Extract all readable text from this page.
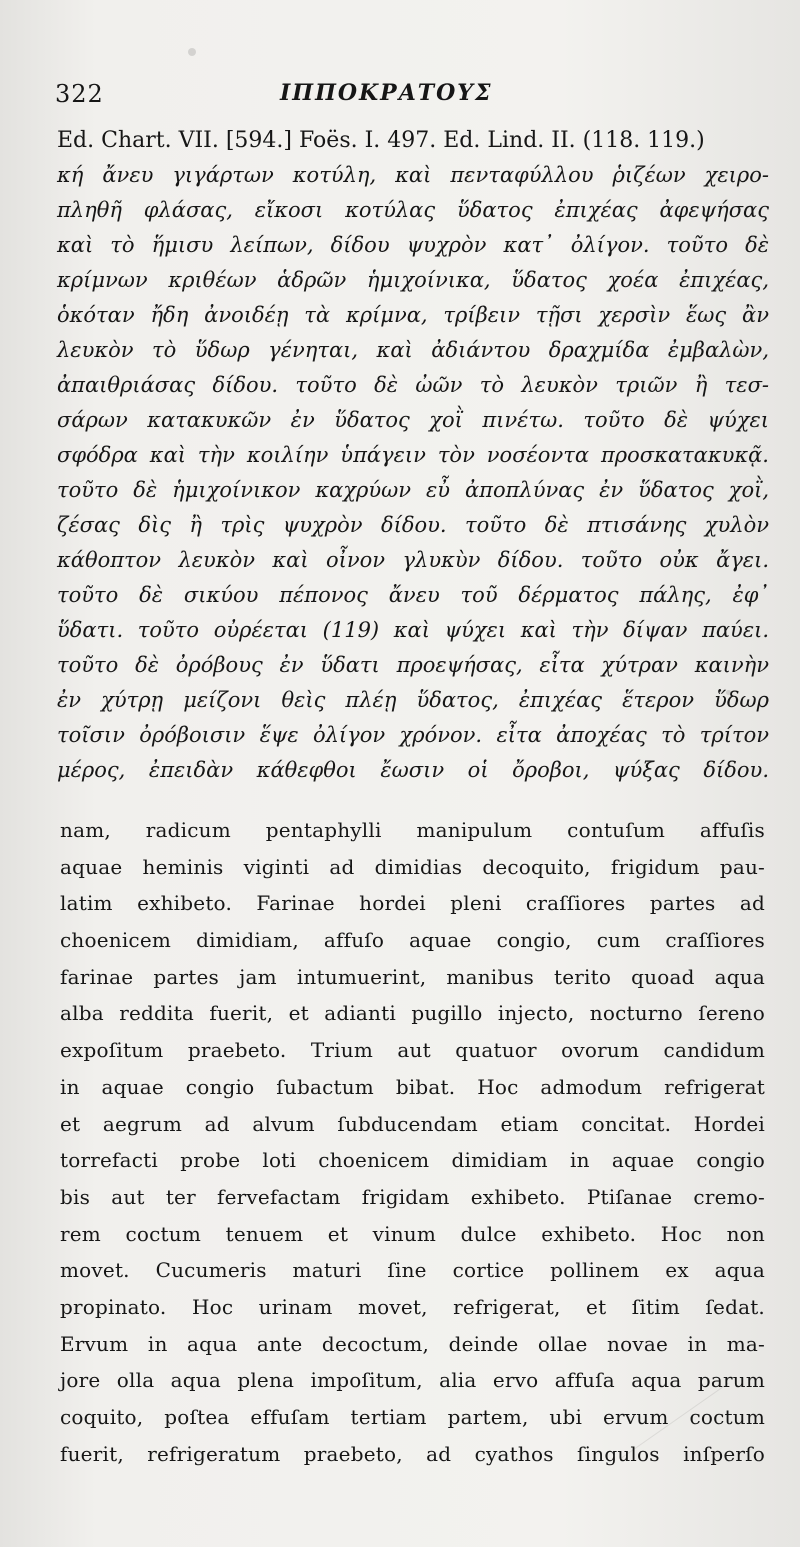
322	ΙΠΠΟΚΡΑΤΟΥΣ
Ed. Chart. VII. [594.] Foës. I. 497. Ed. Lind. II. (118. 119.)
κή ἄνευ γιγάρτων κοτύλη, καὶ πενταφύλλου ῥιζέων χειρο-
πληθῆ φλάσας, εἴκοσι κοτύλας ὕδατος ἐπιχέας ἀφεψήσας
καὶ τὸ ἥμισυ λείπων, δίδου ψυχρὸν κατ᾽ ὀλίγον. τοῦτο δὲ
κρίμνων κριθέων ἁδρῶν ἡμιχοίνικα, ὕδατος χοέα ἐπιχέας,
ὁκόταν ἤδη ἀνοιδέῃ τὰ κρίμνα, τρίβειν τῇσι χερσὶν ἕως ἂν
λευκὸν τὸ ὕδωρ γένηται, καὶ ἀδιάντου δραχμίδα ἐμβαλὼν,
ἀπαιθριάσας δίδου. τοῦτο δὲ ὠῶν τὸ λευκὸν τριῶν ἢ τεσ-
σάρων κατακυκῶν ἐν ὕδατος χοῒ πινέτω. τοῦτο δὲ ψύχει
σφόδρα καὶ τὴν κοιλίην ὑπάγειν τὸν νοσέοντα προσκατακυκᾷ.
τοῦτο δὲ ἡμιχοίνικον καχρύων εὖ ἀποπλύνας ἐν ὕδατος χοῒ,
ζέσας δὶς ἢ τρὶς ψυχρὸν δίδου. τοῦτο δὲ πτισάνης χυλὸν
κάθοπτον λευκὸν καὶ οἶνον γλυκὺν δίδου. τοῦτο οὐκ ἄγει.
τοῦτο δὲ σικύου πέπονος ἄνευ τοῦ δέρματος πάλης, ἐφ᾽
ὕδατι. τοῦτο οὐρέεται (119) καὶ ψύχει καὶ τὴν δίψαν παύει.
τοῦτο δὲ ὀρόβους ἐν ὕδατι προεψήσας, εἶτα χύτραν καινὴν
ἐν χύτρῃ μείζονι θεὶς πλέῃ ὕδατος, ἐπιχέας ἕτερον ὕδωρ
τοῖσιν ὀρόβοισιν ἕψε ὀλίγον χρόνον. εἶτα ἀποχέας τὸ τρίτον
μέρος, ἐπειδὰν κάθεφθοι ἔωσιν οἱ ὄροβοι, ψύξας δίδου.
nam, radicum pentaphylli manipulum contuſum affuſis
aquae heminis viginti ad dimidias decoquito, frigidum pau-
latim exhibeto. Farinae hordei pleni craſſiores partes ad
choenicem dimidiam, affuſo aquae congio, cum craſſiores
farinae partes jam intumuerint, manibus terito quoad aqua
alba reddita fuerit, et adianti pugillo injecto, nocturno ſereno
expoſitum praebeto. Trium aut quatuor ovorum candidum
in aquae congio ſubactum bibat. Hoc admodum refrigerat
et aegrum ad alvum ſubducendam etiam concitat. Hordei
torrefacti probe loti choenicem dimidiam in aquae congio
bis aut ter fervefactam frigidam exhibeto. Ptiſanae cremo-
rem coctum tenuem et vinum dulce exhibeto. Hoc non
movet. Cucumeris maturi ſine cortice pollinem ex aqua
propinato. Hoc urinam movet, refrigerat, et ſitim ſedat.
Ervum in aqua ante decoctum, deinde ollae novae in ma-
jore olla aqua plena impoſitum, alia ervo affuſa aqua parum
coquito, poſtea effuſam tertiam partem, ubi ervum coctum
fuerit, refrigeratum praebeto, ad cyathos ſingulos inſperſo
